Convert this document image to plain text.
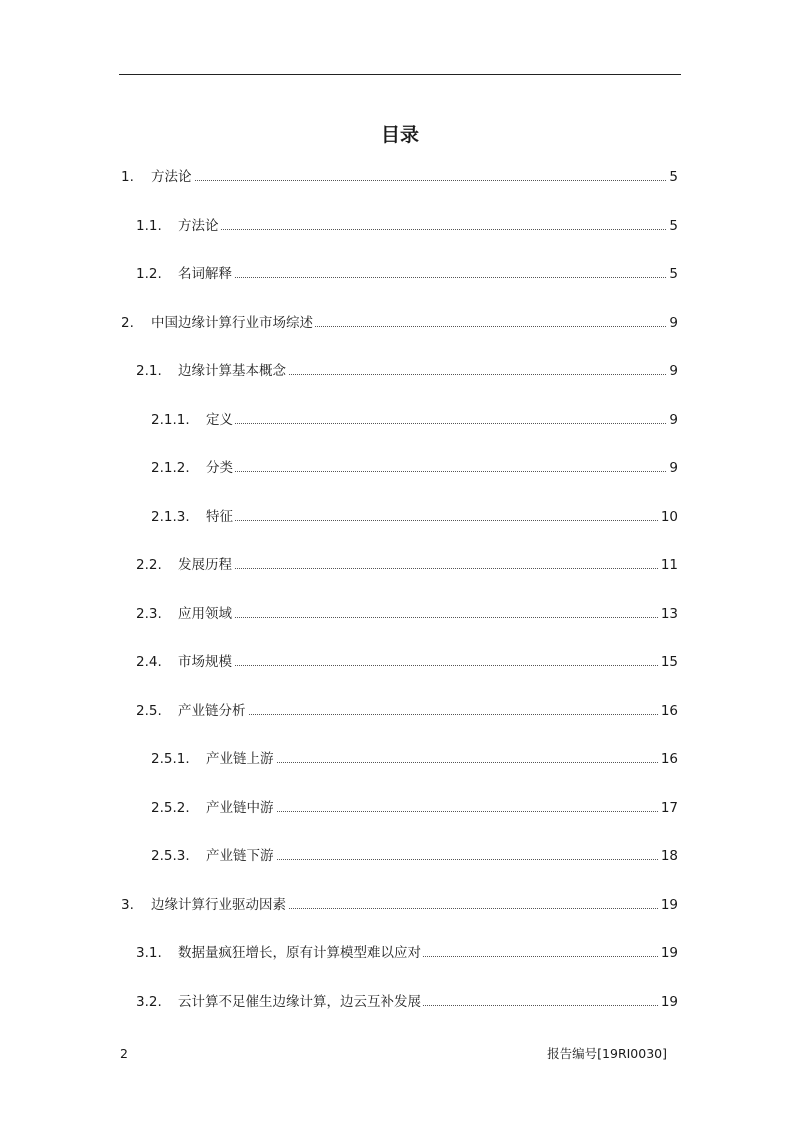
目录
1. 方法论	5
1.1. 方法论	5
1.2. 名词解释	5
2. 中国边缘计算行业市场综述	9
2.1. 边缘计算基本概念	9
2.1.1. 定义	9
2.1.2. 分类	9
2.1.3. 特征	10
2.2. 发展历程	11
2.3. 应用领域	13
2.4. 市场规模	15
2.5. 产业链分析	16
2.5.1. 产业链上游	16
2.5.2. 产业链中游	17
2.5.3. 产业链下游	18
3. 边缘计算行业驱动因素	19
3.1. 数据量疯狂增长，原有计算模型难以应对	19
3.2. 云计算不足催生边缘计算，边云互补发展	19
2	报告编号[19RI0030]
